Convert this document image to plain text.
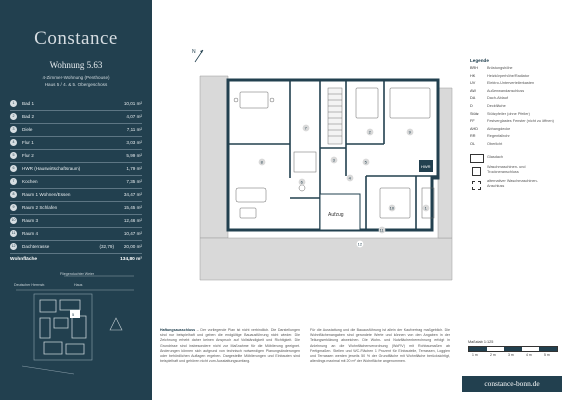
Constance
Wohnung 5.63
4-Zimmer-Wohnung (Penthouse)
Haus 5 / 4. & 5. Obergeschoss
1	Bad 1	10,01 m²
2	Bad 2	4,07 m²
3	Diele	7,11 m²
4	Flur 1	3,03 m²
5	Flur 2	5,99 m²
6	HWR (Hauswirtschaftsraum)	1,79 m²
7	Kochen	7,35 m²
8	Raum 1 Wohnen/Essen	34,47 m²
9	Raum 2 Schlafen	15,45 m²
10	Raum 3	12,46 m²
11	Raum 4	10,47 m²
12	Dachterrasse	(32,79) 20,00 m²
Wohnfläche	134,80 m²
Fliegenduchter Weier
Deutscher Herrnstr.	Haus
5
N
Aufzug
HWR
8
7
2
5
9
3
6
4
10	1
12
11
Legende
BRH	Brüstungshöhe
HK	Heizkörperhöhe/Radiator
UV	Elektro-Unterverteilerkasten
AW	Außenwandanschluss
DA	Dach-Ablauf
D	Deckfläche
Stütz	Stützpfeiler (ohne Pfeiler)
FF	Festverglastes Fenster (nicht zu öffnen)
AHD	Abhangdecke
RR	Regenfallrohr
OL	Oberlicht
Glasdach
Waschmaschinen- und Trockneranschluss
alternativer Waschmaschinen-Anschluss
Haftungsausschluss – Der vorliegende Plan ist nicht verbindlich. Die Darstellungen sind nur beispielhaft und geben die endgültige Bauausführung nicht wieder. Die Zeichnung erhebt daher keinen Anspruch auf Vollständigkeit und Richtigkeit. Die Grundrisse sind insbesondere nicht zur Maßnahme für die Möblierung geeignet. Änderungen können sich aufgrund von technisch notwendigen Planungsänderungen oder behördlichen Auflagen ergeben. Dargestellte Möblierungen und Einbauten sind beispielhaft und gehören nicht zum Ausstattungsumfang.
Für die Ausstattung und die Bauausführung ist allein der Kaufvertrag maßgeblich. Die Wohnflächenangaben sind gerundete Werte und können von den Angaben in der Teilungserklärung abweichen. Die Wohn- und Nutzflächenberechnung erfolgt in Anlehnung an die Wohnflächenverordnung (WoFlV) mit Rohbaumaßen ab Fertigmaßen. Stellen und WC-Flächen 1 Prozent für Einbauteile, Terrassen, Loggien und Terrassen werden jeweils 50 % der Grundfläche mit Wohnfläche berücksichtigt, allerdings maximal mit 20 m² der Wohnfläche angenommen.
Maßstab 1:125
1 m	2 m	3 m	4 m	5 m
constance-bonn.de
